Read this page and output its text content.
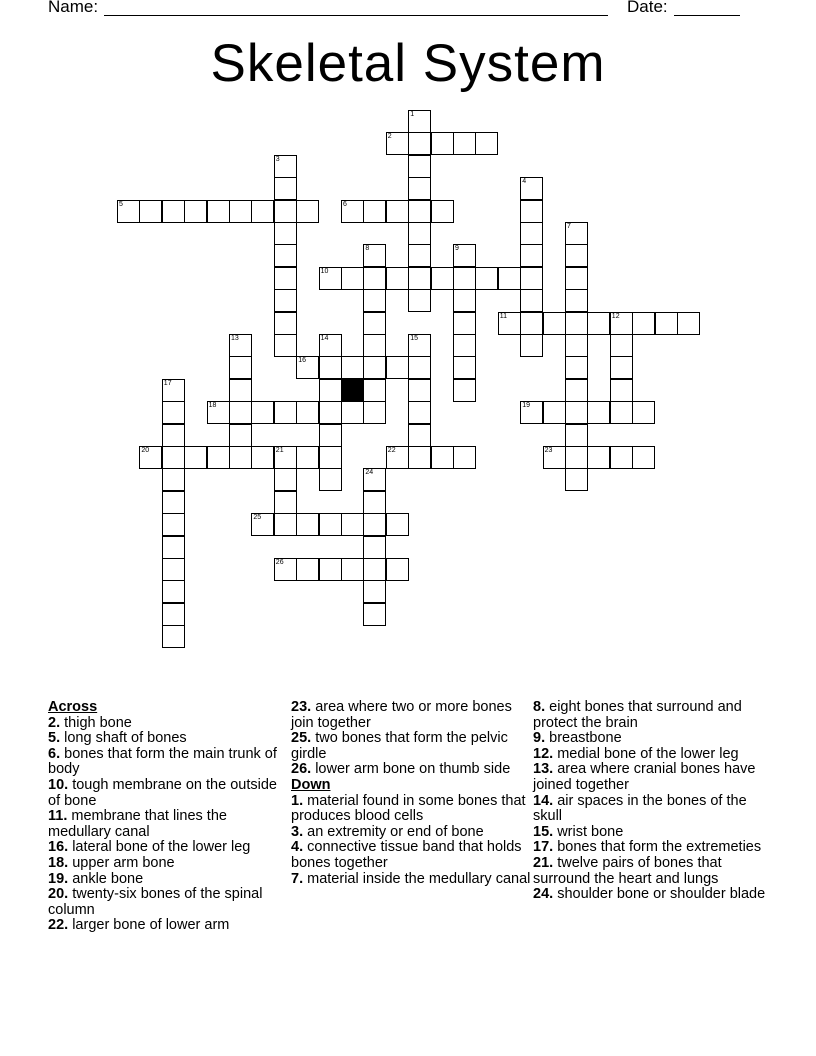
Name:	Date:
Skeletal System
1
2
3
4
5	6
7
8	9
10
11	12
13	14	15
16
17
18	19
20	21	22	23
24
25
26
Across
2. thigh bone
5. long shaft of bones
6. bones that form the main trunk of body
10. tough membrane on the outside of bone
11. membrane that lines the medullary canal
16. lateral bone of the lower leg
18. upper arm bone
19. ankle bone
20. twenty-six bones of the spinal column
22. larger bone of lower arm
23. area where two or more bones join together
25. two bones that form the pelvic girdle
26. lower arm bone on thumb side
Down
1. material found in some bones that produces blood cells
3. an extremity or end of bone
4. connective tissue band that holds bones together
7. material inside the medullary canal
8. eight bones that surround and protect the brain
9. breastbone
12. medial bone of the lower leg
13. area where cranial bones have joined together
14. air spaces in the bones of the skull
15. wrist bone
17. bones that form the extremeties
21. twelve pairs of bones that surround the heart and lungs
24. shoulder bone or shoulder blade
